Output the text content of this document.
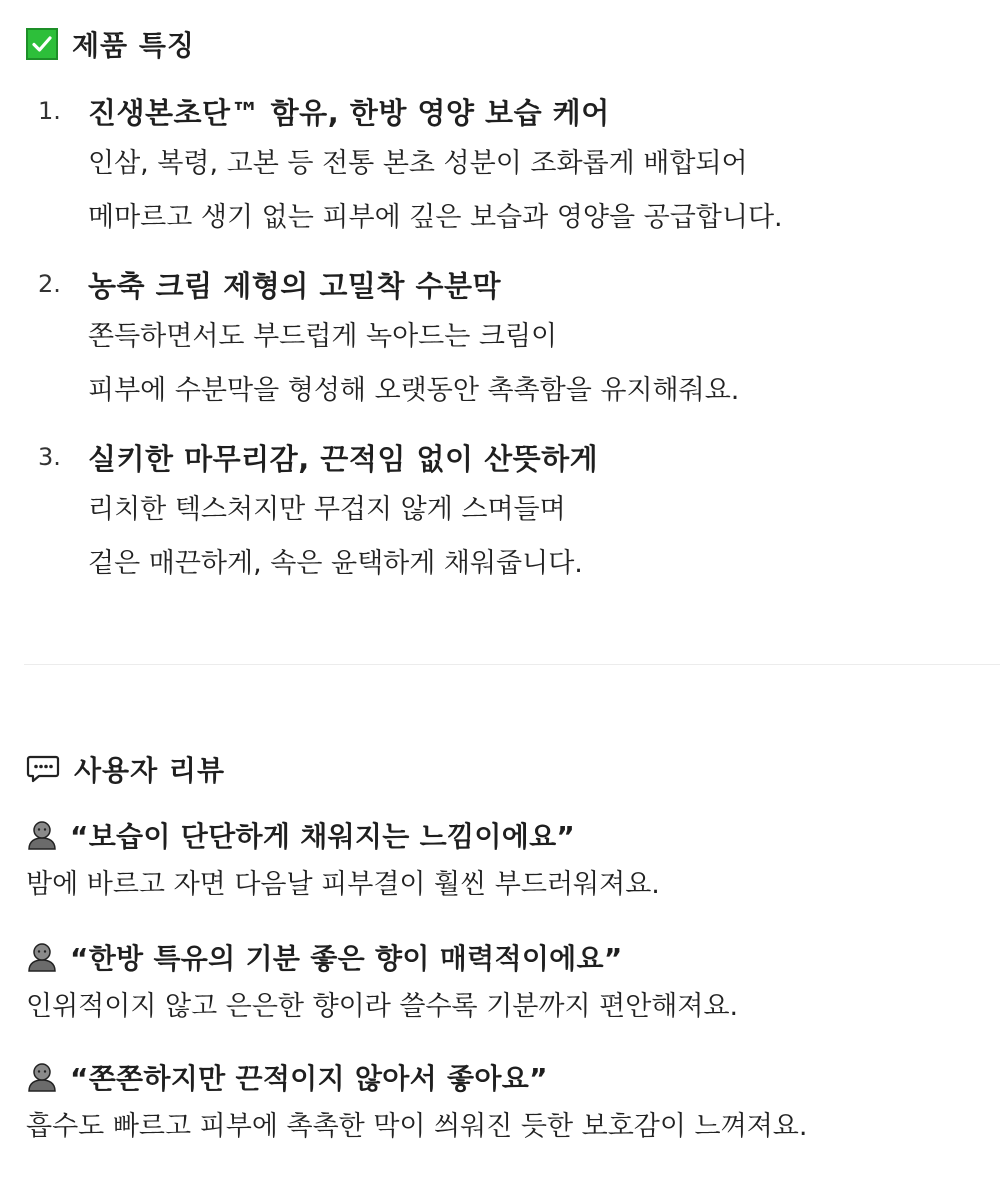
제품 특징
1. 진생본초단™ 함유, 한방 영양 보습 케어
인삼, 복령, 고본 등 전통 본초 성분이 조화롭게 배합되어
메마르고 생기 없는 피부에 깊은 보습과 영양을 공급합니다.
2. 농축 크림 제형의 고밀착 수분막
쫀득하면서도 부드럽게 녹아드는 크림이
피부에 수분막을 형성해 오랫동안 촉촉함을 유지해줘요.
3. 실키한 마무리감, 끈적임 없이 산뜻하게
리치한 텍스처지만 무겁지 않게 스며들며
겉은 매끈하게, 속은 윤택하게 채워줍니다.
사용자 리뷰
“보습이 단단하게 채워지는 느낌이에요”
밤에 바르고 자면 다음날 피부결이 훨씬 부드러워져요.
“한방 특유의 기분 좋은 향이 매력적이에요”
인위적이지 않고 은은한 향이라 쓸수록 기분까지 편안해져요.
“쫀쫀하지만 끈적이지 않아서 좋아요”
흡수도 빠르고 피부에 촉촉한 막이 씌워진 듯한 보호감이 느껴져요.
